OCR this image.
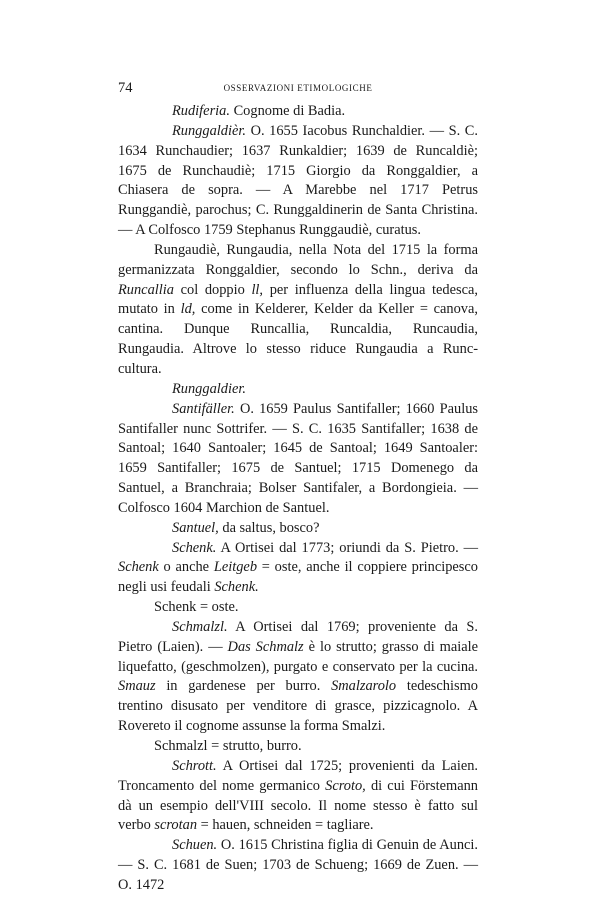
74	OSSERVAZIONI ETIMOLOGICHE

Rudiferia. Cognome di Badia.

Runggaldièr. O. 1655 Iacobus Runchaldier. — S. C. 1634 Runchaudier; 1637 Runkaldier; 1639 de Runcaldiè; 1675 de Runchaudiè; 1715 Giorgio da Ronggaldier, a Chiasera de sopra. — A Marebbe nel 1717 Petrus Runggandiè, parochus; C. Runggaldinerin de Santa Christina. — A Colfosco 1759 Stephanus Runggaudiè, curatus.

Rungaudiè, Rungaudia, nella Nota del 1715 la forma germanizzata Ronggaldier, secondo lo Schn., deriva da Runcallia col doppio ll, per influenza della lingua tedesca, mutato in ld, come in Kelderer, Kelder da Keller = canova, cantina. Dunque Runcallia, Runcaldia, Runcaudia, Rungaudia. Altrove lo stesso riduce Rungaudia a Runc-cultura.

Runggaldier.

Santifäller. O. 1659 Paulus Santifaller; 1660 Paulus Santifaller nunc Sottrifer. — S. C. 1635 Santifaller; 1638 de Santoal; 1640 Santoaler; 1645 de Santoal; 1649 Santoaler: 1659 Santifaller; 1675 de Santuel; 1715 Domenego da Santuel, a Branchraia; Bolser Santifaler, a Bordongieia. — Colfosco 1604 Marchion de Santuel.

Santuel, da saltus, bosco?

Schenk. A Ortisei dal 1773; oriundi da S. Pietro. — Schenk o anche Leitgeb = oste, anche il coppiere principesco negli usi feudali Schenk.

Schenk = oste.

Schmalzl. A Ortisei dal 1769; proveniente da S. Pietro (Laien). — Das Schmalz è lo strutto; grasso di maiale liquefatto, (geschmolzen), purgato e conservato per la cucina. Smauz in gardenese per burro. Smalzarolo tedeschismo trentino disusato per venditore di grasce, pizzicagnolo. A Rovereto il cognome assunse la forma Smalzi.

Schmalzl = strutto, burro.

Schrott. A Ortisei dal 1725; provenienti da Laien. Troncamento del nome germanico Scroto, di cui Förstemann dà un esempio dell'VIII secolo. Il nome stesso è fatto sul verbo scrotan = hauen, schneiden = tagliare.

Schuen. O. 1615 Christina figlia di Genuin de Aunci. — S. C. 1681 de Suen; 1703 de Schueng; 1669 de Zuen. — O. 1472
